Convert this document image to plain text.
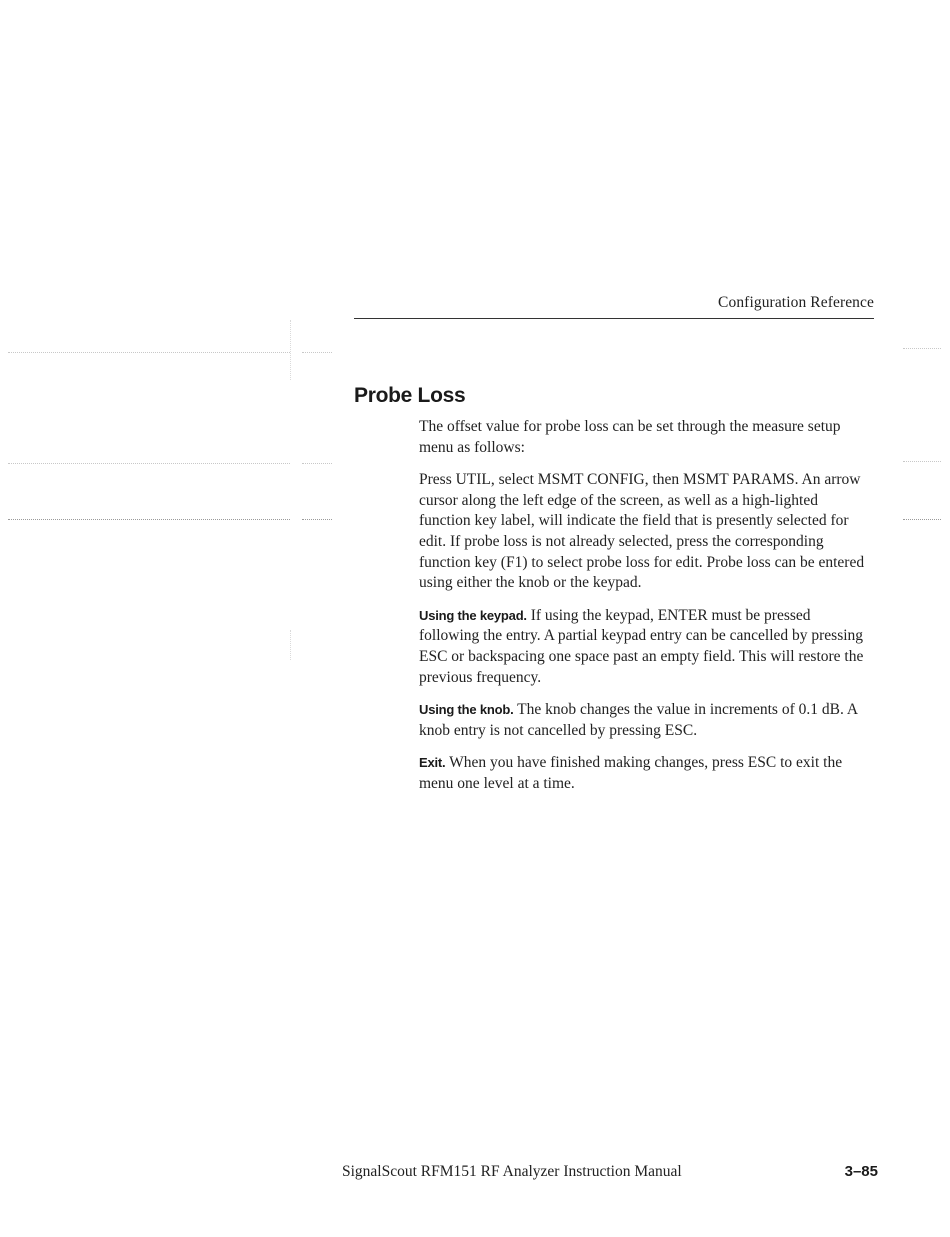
Configuration Reference
Probe Loss

The offset value for probe loss can be set through the measure setup menu as follows:

Press UTIL, select MSMT CONFIG, then MSMT PARAMS. An arrow cursor along the left edge of the screen, as well as a high-lighted function key label, will indicate the field that is presently selected for edit. If probe loss is not already selected, press the corresponding function key (F1) to select probe loss for edit. Probe loss can be entered using either the knob or the keypad.

Using the keypad. If using the keypad, ENTER must be pressed following the entry. A partial keypad entry can be cancelled by pressing ESC or backspacing one space past an empty field. This will restore the previous frequency.

Using the knob. The knob changes the value in increments of 0.1 dB. A knob entry is not cancelled by pressing ESC.

Exit. When you have finished making changes, press ESC to exit the menu one level at a time.

SignalScout RFM151 RF Analyzer Instruction Manual	3–85
